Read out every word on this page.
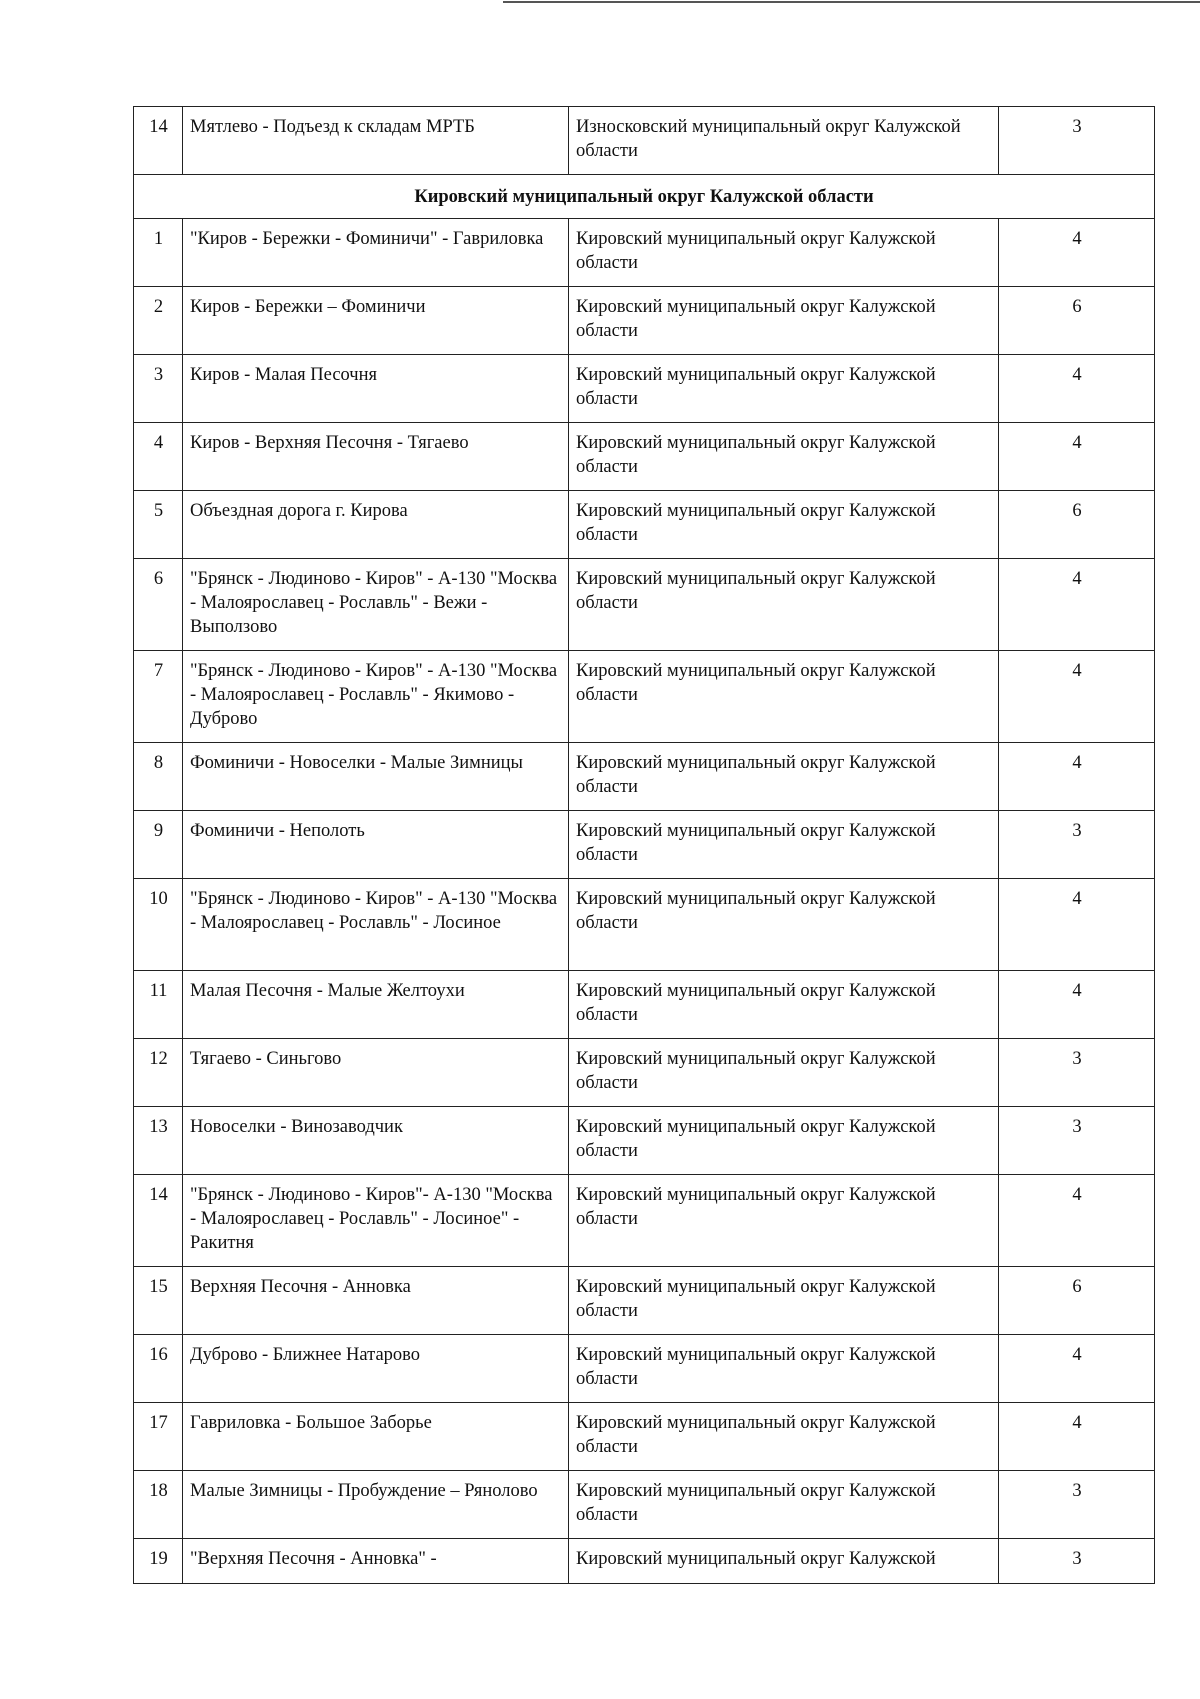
14	Мятлево - Подъезд к складам МРТБ	Износковский муниципальный округ Калужской области	3
Кировский муниципальный округ Калужской области			
1	"Киров - Бережки - Фоминичи" - Гавриловка	Кировский муниципальный округ Калужской области	4
2	Киров - Бережки – Фоминичи	Кировский муниципальный округ Калужской области	6
3	Киров - Малая Песочня	Кировский муниципальный округ Калужской области	4
4	Киров - Верхняя Песочня - Тягаево	Кировский муниципальный округ Калужской области	4
5	Объездная дорога г. Кирова	Кировский муниципальный округ Калужской области	6
6	"Брянск - Людиново - Киров" - А-130 "Москва - Малоярославец - Рославль" - Вежи - Выползово	Кировский муниципальный округ Калужской области	4
7	"Брянск - Людиново - Киров" - А-130 "Москва - Малоярославец - Рославль" - Якимово - Дуброво	Кировский муниципальный округ Калужской области	4
8	Фоминичи - Новоселки - Малые Зимницы	Кировский муниципальный округ Калужской области	4
9	Фоминичи - Неполоть	Кировский муниципальный округ Калужской области	3
10	"Брянск - Людиново - Киров" - А-130 "Москва - Малоярославец - Рославль" - Лосиное	Кировский муниципальный округ Калужской области	4
11	Малая Песочня - Малые Желтоухи	Кировский муниципальный округ Калужской области	4
12	Тягаево - Синьгово	Кировский муниципальный округ Калужской области	3
13	Новоселки - Винозаводчик	Кировский муниципальный округ Калужской области	3
14	"Брянск - Людиново - Киров"- А-130 "Москва - Малоярославец - Рославль" - Лосиное" - Ракитня	Кировский муниципальный округ Калужской области	4
15	Верхняя Песочня - Анновка	Кировский муниципальный округ Калужской области	6
16	Дуброво - Ближнее Натарово	Кировский муниципальный округ Калужской области	4
17	Гавриловка - Большое Заборье	Кировский муниципальный округ Калужской области	4
18	Малые Зимницы - Пробуждение – Рянолово	Кировский муниципальный округ Калужской области	3
19	"Верхняя Песочня - Анновка" -	Кировский муниципальный округ Калужской	3
